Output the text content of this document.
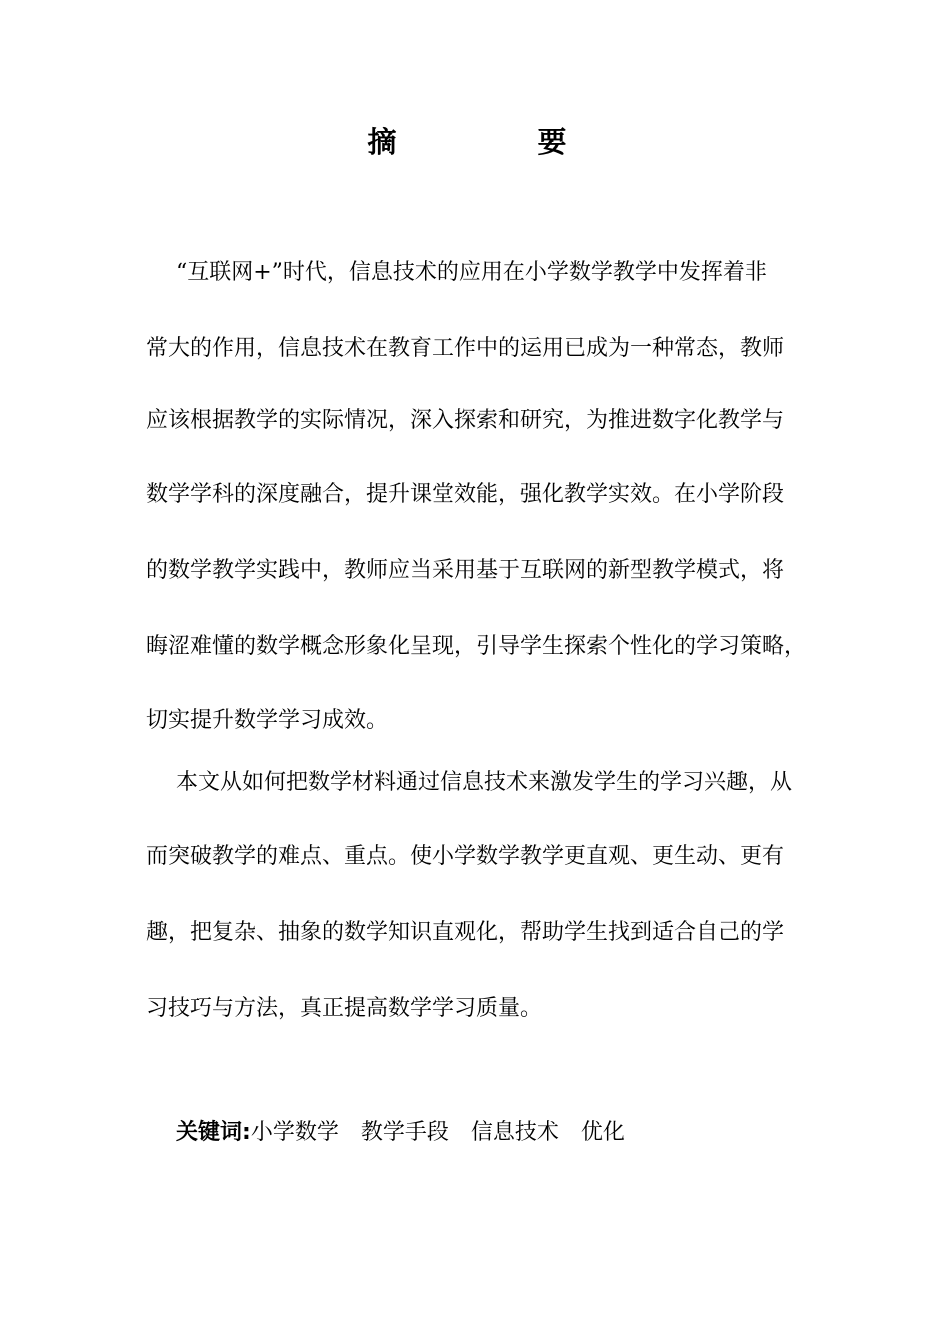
摘　要
“互联网+”时代，信息技术的应用在小学数学教学中发挥着非
常大的作用，信息技术在教育工作中的运用已成为一种常态，教师
应该根据教学的实际情况，深入探索和研究，为推进数字化教学与
数学学科的深度融合，提升课堂效能，强化教学实效。在小学阶段
的数学教学实践中，教师应当采用基于互联网的新型教学模式，将
晦涩难懂的数学概念形象化呈现，引导学生探索个性化的学习策略，
切实提升数学学习成效。
本文从如何把数学材料通过信息技术来激发学生的学习兴趣，从
而突破教学的难点、重点。使小学数学教学更直观、更生动、更有
趣，把复杂、抽象的数学知识直观化，帮助学生找到适合自己的学
习技巧与方法，真正提高数学学习质量。
关键词:小学数学 教学手段 信息技术 优化
